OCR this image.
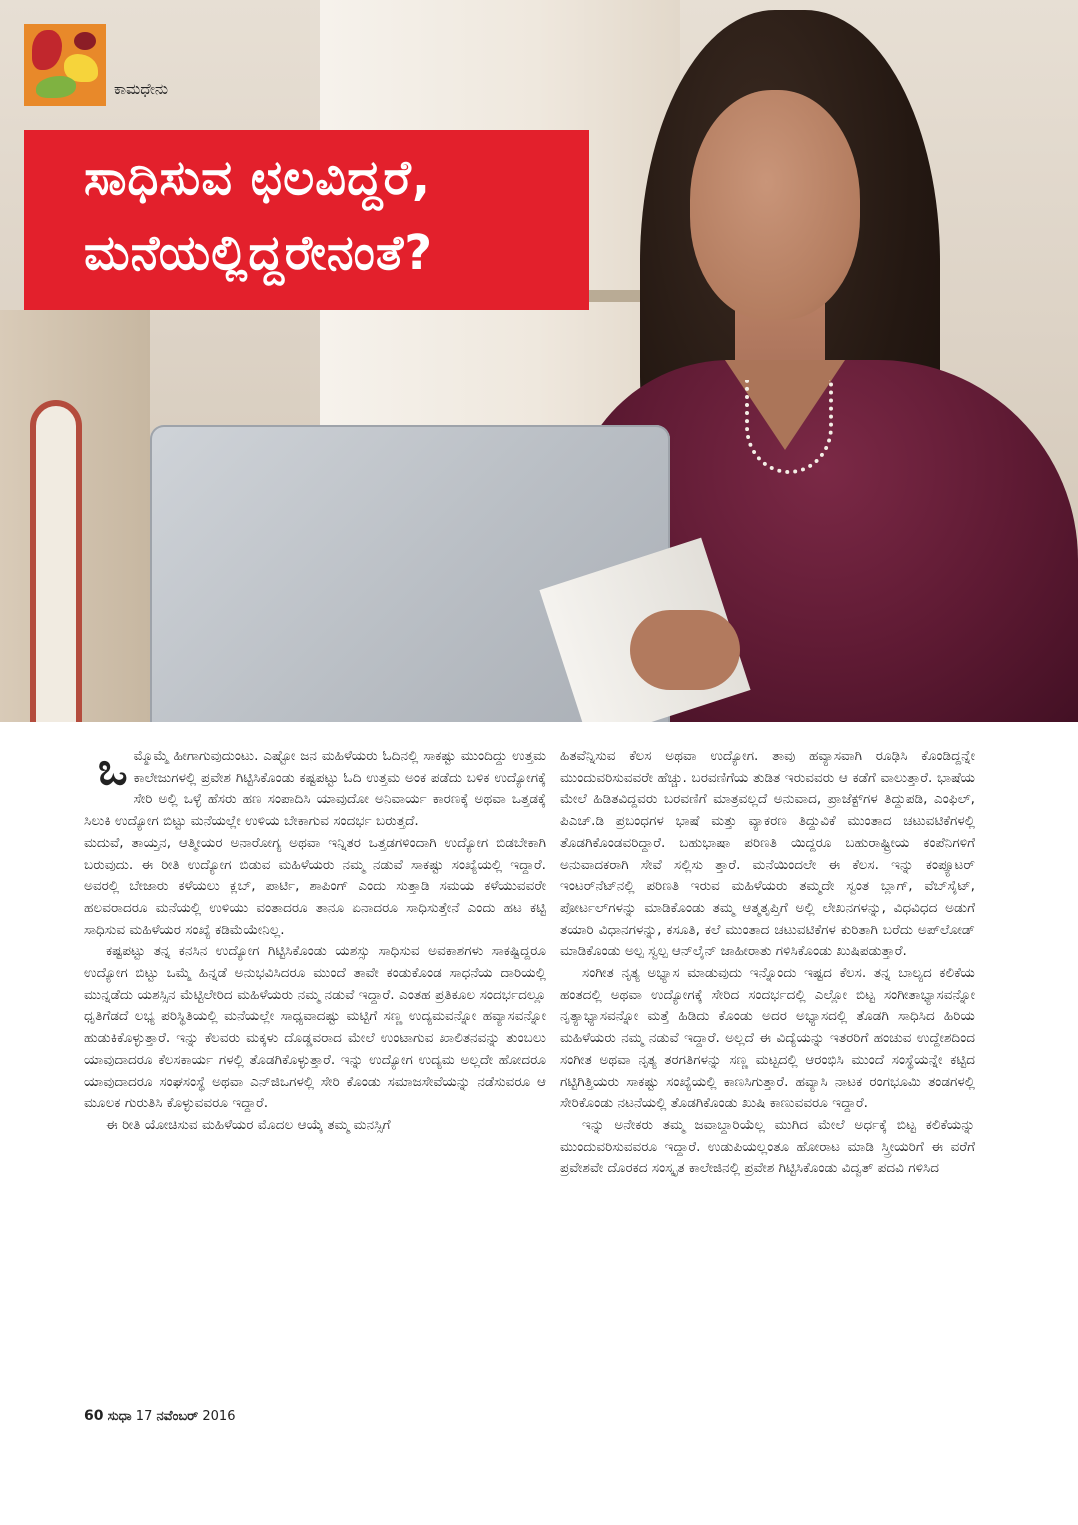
ಕಾಮಧೇನು
ಸಾಧಿಸುವ ಛಲವಿದ್ದರೆ,
ಮನೆಯಲ್ಲಿದ್ದರೇನಂತೆ?

ಒಮ್ಮೊಮ್ಮೆ ಹೀಗಾಗುವುದುಂಟು. ಎಷ್ಟೋ ಜನ ಮಹಿಳೆಯರು ಓದಿನಲ್ಲಿ ಸಾಕಷ್ಟು ಮುಂದಿದ್ದು ಉತ್ತಮ ಕಾಲೇಜುಗಳಲ್ಲಿ ಪ್ರವೇಶ ಗಿಟ್ಟಿಸಿಕೊಂಡು ಕಷ್ಟಪಟ್ಟು ಓದಿ ಉತ್ತಮ ಅಂಕ ಪಡೆದು ಬಳಿಕ ಉದ್ಯೋಗಕ್ಕೆ ಸೇರಿ ಅಲ್ಲಿ ಒಳ್ಳೆ ಹೆಸರು ಹಣ ಸಂಪಾದಿಸಿ ಯಾವುದೋ ಅನಿವಾರ್ಯ ಕಾರಣಕ್ಕೆ ಅಥವಾ ಒತ್ತಡಕ್ಕೆ ಸಿಲುಕಿ ಉದ್ಯೋಗ ಬಿಟ್ಟು ಮನೆಯಲ್ಲೇ ಉಳಿಯ ಬೇಕಾಗುವ ಸಂದರ್ಭ ಬರುತ್ತದೆ.

ಮದುವೆ, ತಾಯ್ತನ, ಆತ್ಮೀಯರ ಅನಾರೋಗ್ಯ ಅಥವಾ ಇನ್ನಿತರ ಒತ್ತಡಗಳಿಂದಾಗಿ ಉದ್ಯೋಗ ಬಿಡಬೇಕಾಗಿ ಬರುವುದು. ಈ ರೀತಿ ಉದ್ಯೋಗ ಬಿಡುವ ಮಹಿಳೆಯರು ನಮ್ಮ ನಡುವೆ ಸಾಕಷ್ಟು ಸಂಖ್ಯೆಯಲ್ಲಿ ಇದ್ದಾರೆ. ಅವರಲ್ಲಿ ಬೇಜಾರು ಕಳೆಯಲು ಕ್ಲಬ್, ಪಾರ್ಟಿ, ಶಾಪಿಂಗ್ ಎಂದು ಸುತ್ತಾಡಿ ಸಮಯ ಕಳೆಯುವವರೇ ಹಲವರಾದರೂ ಮನೆಯಲ್ಲಿ ಉಳಿಯು ವಂತಾದರೂ ತಾನೂ ಏನಾದರೂ ಸಾಧಿಸುತ್ತೇನೆ ಎಂದು ಹಟ ಕಟ್ಟಿ ಸಾಧಿಸುವ ಮಹಿಳೆಯರ ಸಂಖ್ಯೆ ಕಡಿಮೆಯೇನಿಲ್ಲ.

ಕಷ್ಟಪಟ್ಟು ತನ್ನ ಕನಸಿನ ಉದ್ಯೋಗ ಗಿಟ್ಟಿಸಿಕೊಂಡು ಯಶಸ್ಸು ಸಾಧಿಸುವ ಅವಕಾಶಗಳು ಸಾಕಷ್ಟಿದ್ದರೂ ಉದ್ಯೋಗ ಬಿಟ್ಟು ಒಮ್ಮೆ ಹಿನ್ನಡೆ ಅನುಭವಿಸಿದರೂ ಮುಂದೆ ತಾವೇ ಕಂಡುಕೊಂಡ ಸಾಧನೆಯ ದಾರಿಯಲ್ಲಿ ಮುನ್ನಡೆದು ಯಶಸ್ಸಿನ ಮೆಟ್ಟಿಲೇರಿದ ಮಹಿಳೆಯರು ನಮ್ಮ ನಡುವೆ ಇದ್ದಾರೆ. ಎಂತಹ ಪ್ರತಿಕೂಲ ಸಂದರ್ಭದಲ್ಲೂ ಧೃತಿಗೆಡದೆ ಲಭ್ಯ ಪರಿಸ್ಥಿತಿಯಲ್ಲಿ ಮನೆಯಲ್ಲೇ ಸಾಧ್ಯವಾದಷ್ಟು ಮಟ್ಟಿಗೆ ಸಣ್ಣ ಉದ್ಯಮವನ್ನೋ ಹವ್ಯಾಸವನ್ನೋ ಹುಡುಕಿಕೊಳ್ಳುತ್ತಾರೆ. ಇನ್ನು ಕೆಲವರು ಮಕ್ಕಳು ದೊಡ್ಡವರಾದ ಮೇಲೆ ಉಂಟಾಗುವ ಖಾಲಿತನವನ್ನು ತುಂಬಲು ಯಾವುದಾದರೂ ಕೆಲಸಕಾರ್ಯ ಗಳಲ್ಲಿ ತೊಡಗಿಕೊಳ್ಳುತ್ತಾರೆ. ಇನ್ನು ಉದ್ಯೋಗ ಉದ್ಯಮ ಅಲ್ಲದೇ ಹೋದರೂ ಯಾವುದಾದರೂ ಸಂಘಸಂಸ್ಥೆ ಅಥವಾ ಎನ್‌ಜಿಒಗಳಲ್ಲಿ ಸೇರಿ ಕೊಂಡು ಸಮಾಜಸೇವೆಯನ್ನು ನಡೆಸುವರೂ ಆ ಮೂಲಕ ಗುರುತಿಸಿ ಕೊಳ್ಳುವವರೂ ಇದ್ದಾರೆ.

ಈ ರೀತಿ ಯೋಚಿಸುವ ಮಹಿಳೆಯರ ಮೊದಲ ಆಯ್ಕೆ ತಮ್ಮ ಮನಸ್ಸಿಗೆ

ಹಿತವೆನ್ನಿಸುವ ಕೆಲಸ ಅಥವಾ ಉದ್ಯೋಗ. ತಾವು ಹವ್ಯಾಸವಾಗಿ ರೂಢಿಸಿ ಕೊಂಡಿದ್ದನ್ನೇ ಮುಂದುವರಿಸುವವರೇ ಹೆಚ್ಚು. ಬರವಣಿಗೆಯ ತುಡಿತ ಇರುವವರು ಆ ಕಡೆಗೆ ವಾಲುತ್ತಾರೆ. ಭಾಷೆಯ ಮೇಲೆ ಹಿಡಿತವಿದ್ದವರು ಬರವಣಿಗೆ ಮಾತ್ರವಲ್ಲದೆ ಅನುವಾದ, ಪ್ರಾಜೆಕ್ಟ್‌ಗಳ ತಿದ್ದುಪಡಿ, ಎಂಫಿಲ್, ಪಿಎಚ್.ಡಿ ಪ್ರಬಂಧಗಳ ಭಾಷೆ ಮತ್ತು ವ್ಯಾಕರಣ ತಿದ್ದುವಿಕೆ ಮುಂತಾದ ಚಟುವಟಿಕೆಗಳಲ್ಲಿ ತೊಡಗಿಕೊಂಡವರಿದ್ದಾರೆ. ಬಹುಭಾಷಾ ಪರಿಣತಿ ಯಿದ್ದರೂ ಬಹುರಾಷ್ಟ್ರೀಯ ಕಂಪೆನಿಗಳಿಗೆ ಅನುವಾದಕರಾಗಿ ಸೇವೆ ಸಲ್ಲಿಸು ತ್ತಾರೆ. ಮನೆಯಿಂದಲೇ ಈ ಕೆಲಸ. ಇನ್ನು ಕಂಪ್ಯೂಟರ್ ಇಂಟರ್‌ನೆಟ್‌ನಲ್ಲಿ ಪರಿಣತಿ ಇರುವ ಮಹಿಳೆಯರು ತಮ್ಮದೇ ಸ್ವಂತ ಬ್ಲಾಗ್, ವೆಬ್‌ಸೈಟ್, ಪೋರ್ಟಲ್‌ಗಳನ್ನು ಮಾಡಿಕೊಂಡು ತಮ್ಮ ಆತ್ಮತೃಪ್ತಿಗೆ ಅಲ್ಲಿ ಲೇಖನಗಳನ್ನು, ವಿಧವಿಧದ ಅಡುಗೆ ತಯಾರಿ ವಿಧಾನಗಳನ್ನು, ಕಸೂತಿ, ಕಲೆ ಮುಂತಾದ ಚಟುವಟಿಕೆಗಳ ಕುರಿತಾಗಿ ಬರೆದು ಅಪ್‌ಲೋಡ್ ಮಾಡಿಕೊಂಡು ಅಲ್ಪ ಸ್ವಲ್ಪ ಆನ್‌ಲೈನ್ ಜಾಹೀರಾತು ಗಳಿಸಿಕೊಂಡು ಖುಷಿಪಡುತ್ತಾರೆ.

ಸಂಗೀತ ನೃತ್ಯ ಅಭ್ಯಾಸ ಮಾಡುವುದು ಇನ್ನೊಂದು ಇಷ್ಟದ ಕೆಲಸ. ತನ್ನ ಬಾಲ್ಯದ ಕಲಿಕೆಯ ಹಂತದಲ್ಲಿ ಅಥವಾ ಉದ್ಯೋಗಕ್ಕೆ ಸೇರಿದ ಸಂದರ್ಭದಲ್ಲಿ ಎಲ್ಲೋ ಬಿಟ್ಟ ಸಂಗೀತಾಭ್ಯಾಸವನ್ನೋ ನೃತ್ಯಾಭ್ಯಾಸವನ್ನೋ ಮತ್ತೆ ಹಿಡಿದು ಕೊಂಡು ಅದರ ಅಭ್ಯಾಸದಲ್ಲಿ ತೊಡಗಿ ಸಾಧಿಸಿದ ಹಿರಿಯ ಮಹಿಳೆಯರು ನಮ್ಮ ನಡುವೆ ಇದ್ದಾರೆ. ಅಲ್ಲದೆ ಈ ವಿದ್ಯೆಯನ್ನು ಇತರರಿಗೆ ಹಂಚುವ ಉದ್ದೇಶದಿಂದ ಸಂಗೀತ ಅಥವಾ ನೃತ್ಯ ತರಗತಿಗಳನ್ನು ಸಣ್ಣ ಮಟ್ಟದಲ್ಲಿ ಆರಂಭಿಸಿ ಮುಂದೆ ಸಂಸ್ಥೆಯನ್ನೇ ಕಟ್ಟಿದ ಗಟ್ಟಿಗಿತ್ತಿಯರು ಸಾಕಷ್ಟು ಸಂಖ್ಯೆಯಲ್ಲಿ ಕಾಣಸಿಗುತ್ತಾರೆ. ಹವ್ಯಾಸಿ ನಾಟಕ ರಂಗಭೂಮಿ ತಂಡಗಳಲ್ಲಿ ಸೇರಿಕೊಂಡು ನಟನೆಯಲ್ಲಿ ತೊಡಗಿಕೊಂಡು ಖುಷಿ ಕಾಣುವವರೂ ಇದ್ದಾರೆ.

ಇನ್ನು ಅನೇಕರು ತಮ್ಮ ಜವಾಬ್ದಾರಿಯೆಲ್ಲ ಮುಗಿದ ಮೇಲೆ ಅರ್ಧಕ್ಕೆ ಬಿಟ್ಟ ಕಲಿಕೆಯನ್ನು ಮುಂದುವರಿಸುವವರೂ ಇದ್ದಾರೆ. ಉಡುಪಿಯಲ್ಲಂತೂ ಹೋರಾಟ ಮಾಡಿ ಸ್ತ್ರೀಯರಿಗೆ ಈ ವರೆಗೆ ಪ್ರವೇಶವೇ ದೊರಕದ ಸಂಸ್ಕೃತ ಕಾಲೇಜಿನಲ್ಲಿ ಪ್ರವೇಶ ಗಿಟ್ಟಿಸಿಕೊಂಡು ವಿದ್ವತ್ ಪದವಿ ಗಳಿಸಿದ

60 ಸುಧಾ 17 ನವೆಂಬರ್ 2016
